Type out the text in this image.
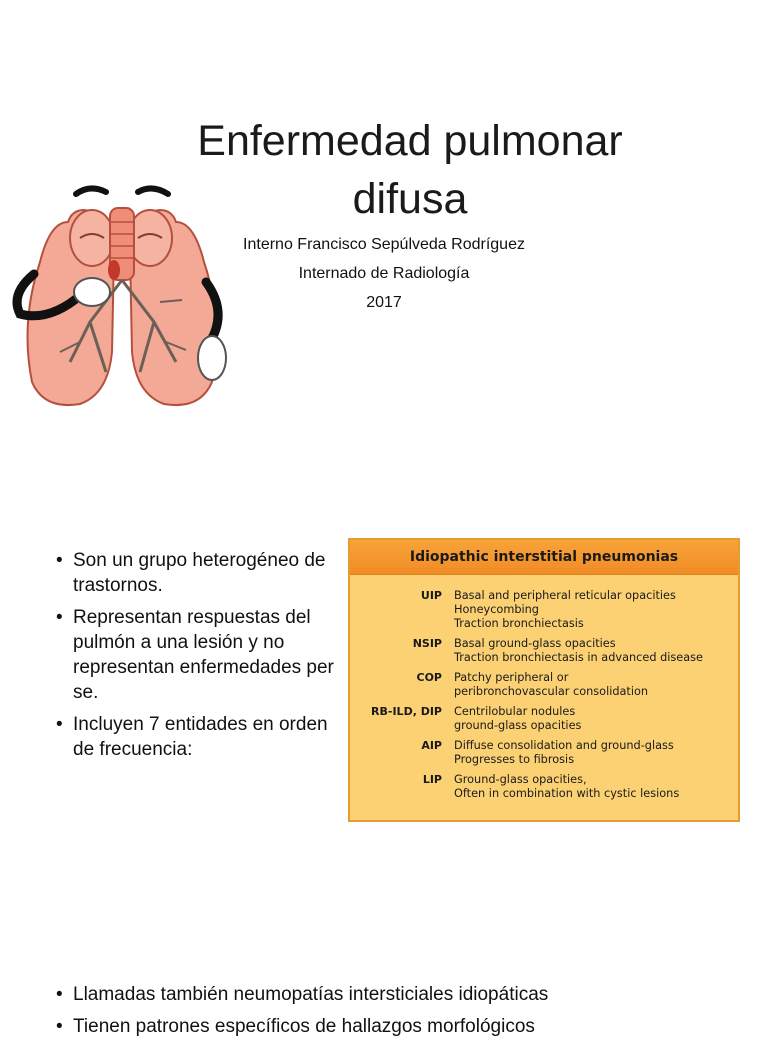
Enfermedad pulmonar
difusa
Interno Francisco Sepúlveda Rodríguez
Internado de Radiología
2017
• Son un grupo heterogéneo de trastornos.
• Representan respuestas del pulmón a una lesión y no representan enfermedades per se.
• Incluyen 7 entidades en orden de frecuencia:
Idiopathic interstitial pneumonias
UIP	Basal and peripheral reticular opacities
Honeycombing
Traction bronchiectasis
NSIP	Basal ground-glass opacities
Traction bronchiectasis in advanced disease
COP	Patchy peripheral or
peribronchovascular consolidation
RB-ILD, DIP	Centrilobular nodules
ground-glass opacities
AIP	Diffuse consolidation and ground-glass
Progresses to fibrosis
LIP	Ground-glass opacities,
Often in combination with cystic lesions
• Llamadas también neumopatías intersticiales idiopáticas
• Tienen patrones específicos de hallazgos morfológicos
